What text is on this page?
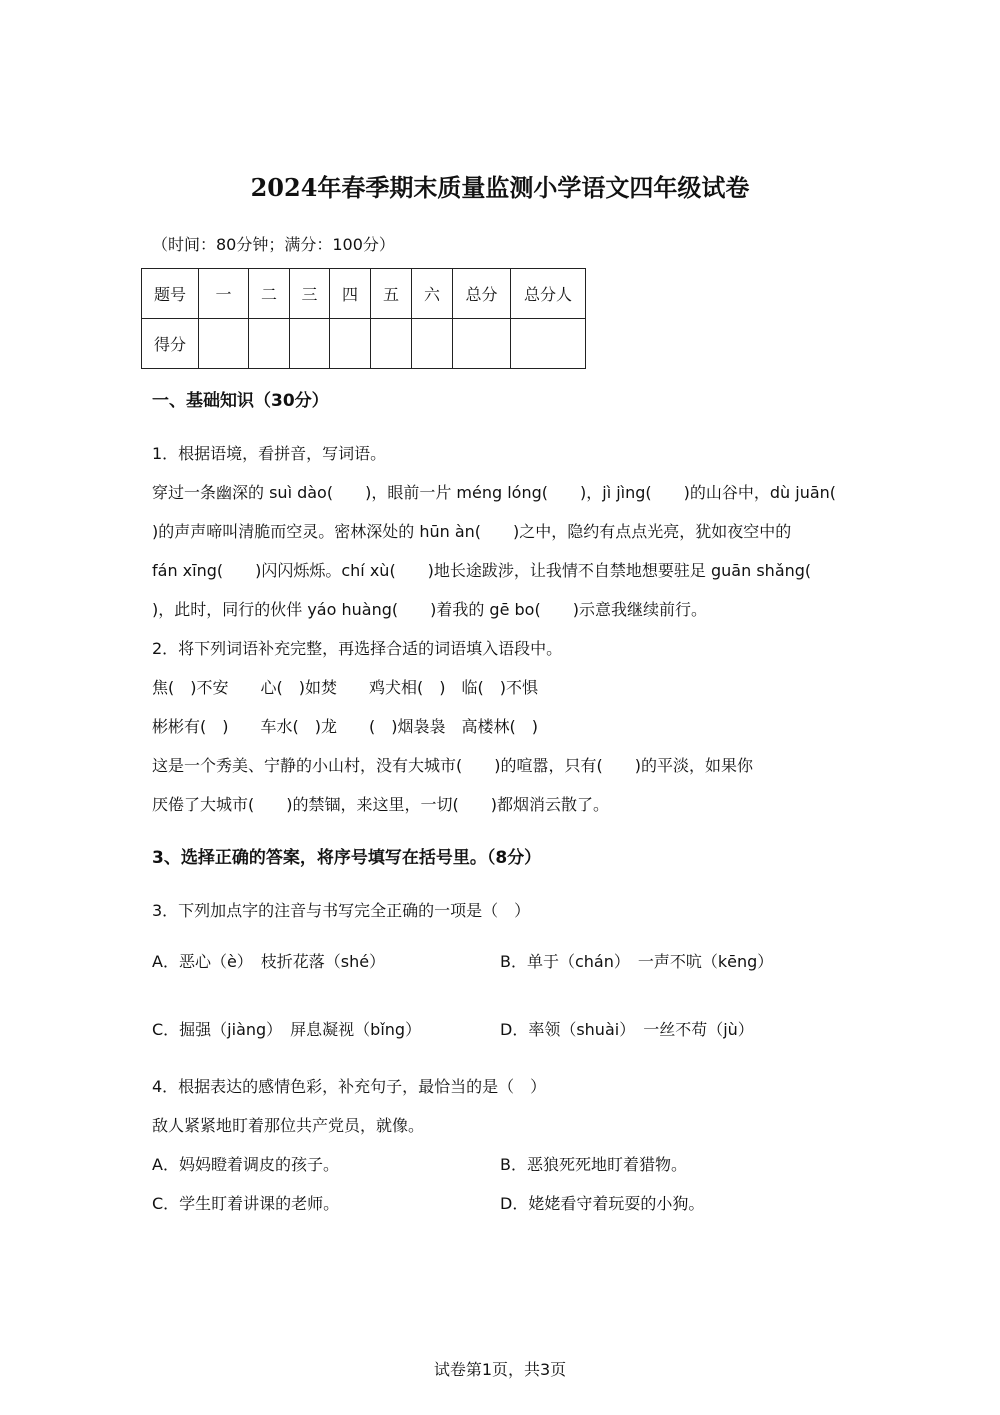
2024年春季期末质量监测小学语文四年级试卷
（时间：80分钟；满分：100分）
题号	一	二	三	四	五	六	总分	总分人
得分								
一、基础知识（30分）
1．根据语境，看拼音，写词语。
穿过一条幽深的 suì dào(　　)，眼前一片 méng lóng(　　)，jì jìng(　　)的山谷中，dù juān(
)的声声啼叫清脆而空灵。密林深处的 hūn àn(　　)之中，隐约有点点光亮，犹如夜空中的
fán xīng(　　)闪闪烁烁。chí xù(　　)地长途跋涉，让我情不自禁地想要驻足 guān shǎng(
)，此时，同行的伙伴 yáo huàng(　　)着我的 gē bo(　　)示意我继续前行。
2．将下列词语补充完整，再选择合适的词语填入语段中。
焦(　)不安　　心(　)如焚　　鸡犬相(　)　临(　)不惧
彬彬有(　)　　车水(　)龙　　(　)烟袅袅　高楼林(　)
这是一个秀美、宁静的小山村，没有大城市(　　)的喧嚣，只有(　　)的平淡，如果你
厌倦了大城市(　　)的禁锢，来这里，一切(　　)都烟消云散了。
3、选择正确的答案，将序号填写在括号里。（8分）
3．下列加点字的注音与书写完全正确的一项是（　）
A．恶心（è）　枝折花落（shé）	B．单于（chán）　一声不吭（kēng）
C．掘强（jiàng）　屏息凝视（bǐng）	D．率领（shuài）　一丝不苟（jù）
4．根据表达的感情色彩，补充句子，最恰当的是（　）
敌人紧紧地盯着那位共产党员，就像。
A．妈妈瞪着调皮的孩子。	B．恶狼死死地盯着猎物。
C．学生盯着讲课的老师。	D．姥姥看守着玩耍的小狗。
试卷第1页，共3页
